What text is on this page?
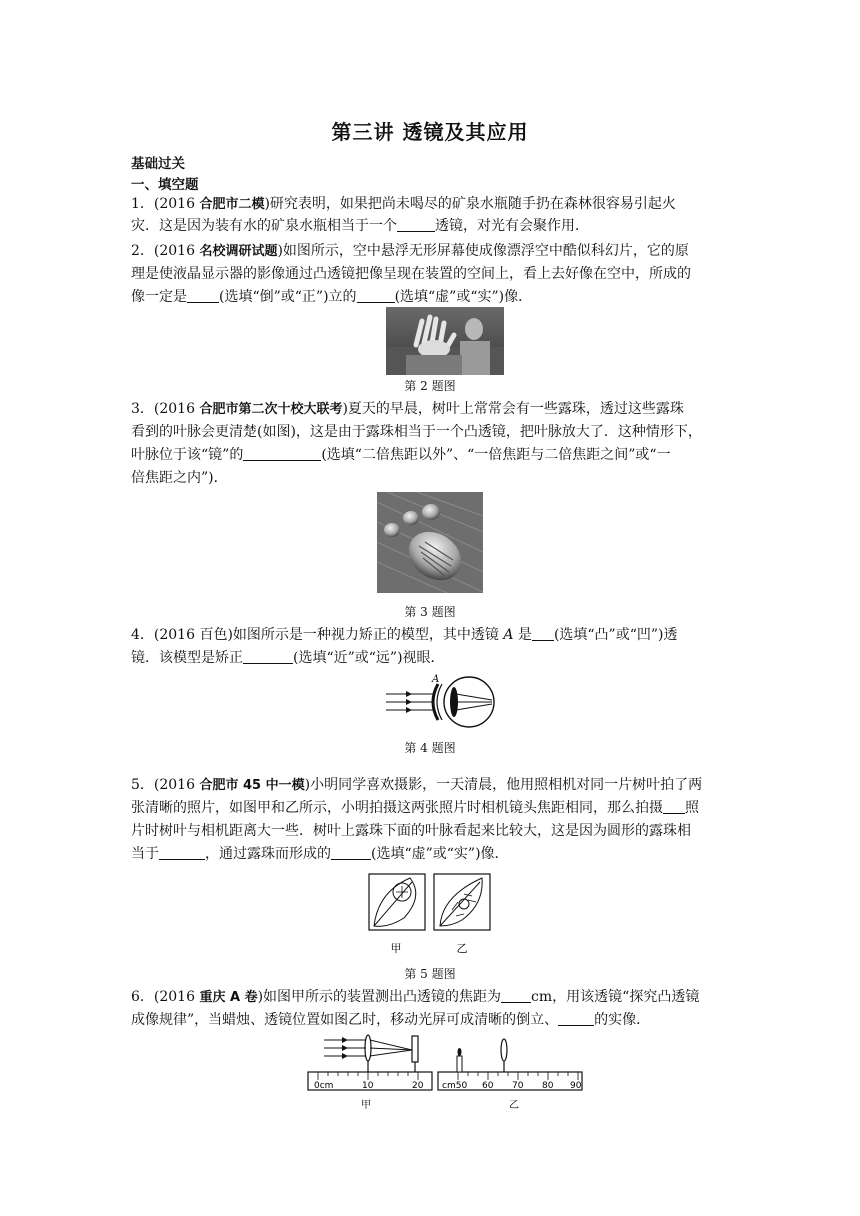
第三讲 透镜及其应用
基础过关
一、填空题
1．(2016 合肥市二模)研究表明，如果把尚未喝尽的矿泉水瓶随手扔在森林很容易引起火
灾．这是因为装有水的矿泉水瓶相当于一个	透镜，对光有会聚作用．
2．(2016 名校调研试题)如图所示，空中悬浮无形屏幕使成像漂浮空中酷似科幻片，它的原
理是使液晶显示器的影像通过凸透镜把像呈现在装置的空间上，看上去好像在空中，所成的
像一定是 (选填“倒”或“正”)立的	(选填“虚”或“实”)像．
第 2 题图
3．(2016 合肥市第二次十校大联考)夏天的早晨，树叶上常常会有一些露珠，透过这些露珠
看到的叶脉会更清楚(如图)，这是由于露珠相当于一个凸透镜，把叶脉放大了．这种情形下，
叶脉位于该“镜”的	(选填“二倍焦距以外”、“一倍焦距与二倍焦距之间”或“一
倍焦距之内”)．
第 3 题图
4．(2016 百色)如图所示是一种视力矫正的模型，其中透镜 A 是 (选填“凸”或“凹”)透
镜．该模型是矫正	(选填“近”或“远”)视眼．
A
第 4 题图
5．(2016 合肥市 45 中一模)小明同学喜欢摄影，一天清晨，他用照相机对同一片树叶拍了两
张清晰的照片，如图甲和乙所示，小明拍摄这两张照片时相机镜头焦距相同，那么拍摄 照
片时树叶与相机距离大一些．树叶上露珠下面的叶脉看起来比较大，这是因为圆形的露珠相
当于	，通过露珠而形成的	(选填“虚”或“实”)像．
甲	乙
第 5 题图
6．(2016 重庆 A 卷)如图甲所示的装置测出凸透镜的焦距为 cm，用该透镜“探究凸透镜
成像规律”，当蜡烛、透镜位置如图乙时，移动光屏可成清晰的倒立、	的实像．
0cm	10	20
甲
cm50 60 70 80 90
乙
